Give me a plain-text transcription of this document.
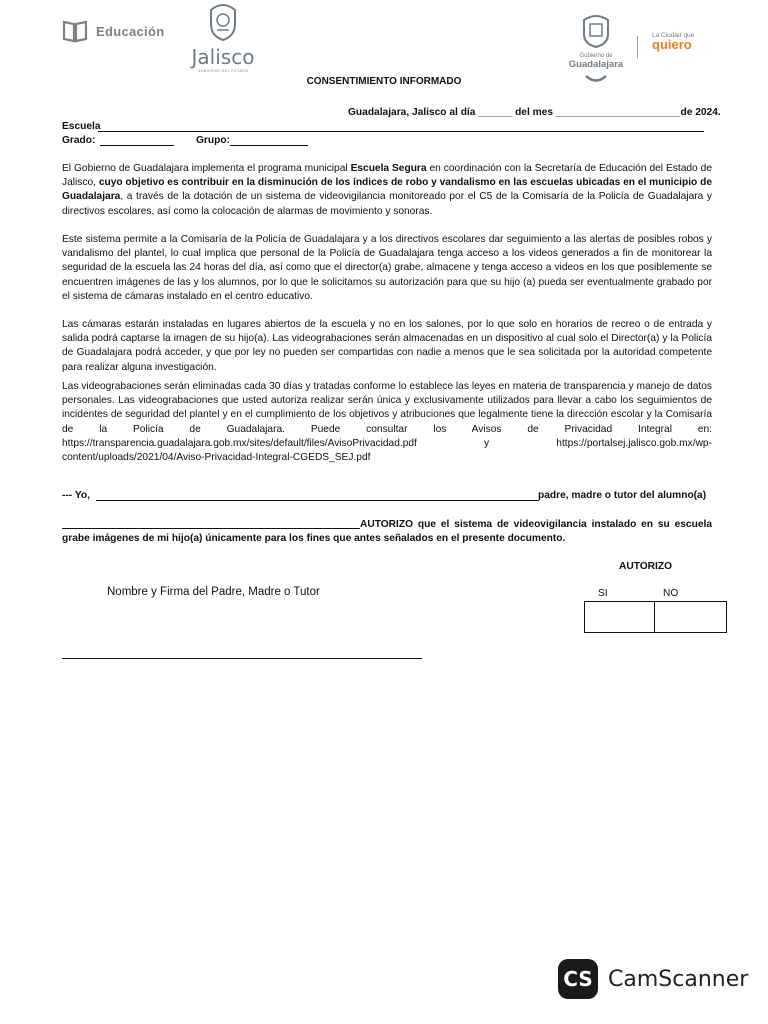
Educación
Jalisco
GOBIERNO DEL ESTADO
Gobierno de
Guadalajara
La Ciudad que
quiero
CONSENTIMIENTO INFORMADO
Guadalajara, Jalisco al día ______ del mes ______________________de 2024.
Escuela
Grado:	Grupo:
El Gobierno de Guadalajara implementa el programa municipal Escuela Segura en coordinación con la Secretaría de Educación del Estado de Jalisco, cuyo objetivo es contribuir en la disminución de los índices de robo y vandalismo en las escuelas ubicadas en el municipio de Guadalajara, a través de la dotación de un sistema de videovigilancia monitoreado por el C5 de la Comisaría de la Policía de Guadalajara y directivos escolares, así como la colocación de alarmas de movimiento y sonoras.
Este sistema permite a la Comisaría de la Policía de Guadalajara y a los directivos escolares dar seguimiento a las alertas de posibles robos y vandalismo del plantel, lo cual implica que personal de la Policía de Guadalajara tenga acceso a los videos generados a fin de monitorear la seguridad de la escuela las 24 horas del día, así como que el director(a) grabe, almacene y tenga acceso a videos en los que posiblemente se encuentren imágenes de las y los alumnos, por lo que le solicitamos su autorización para que su hijo (a) pueda ser eventualmente grabado por el sistema de cámaras instalado en el centro educativo.
Las cámaras estarán instaladas en lugares abiertos de la escuela y no en los salones, por lo que solo en horarios de recreo o de entrada y salida podrá captarse la imagen de su hijo(a). Las videograbaciones serán almacenadas en un dispositivo al cual solo el Director(a) y la Policía de Guadalajara podrá acceder, y que por ley no pueden ser compartidas con nadie a menos que le sea solicitada por la autoridad competente para realizar alguna investigación.
Las videograbaciones serán eliminadas cada 30 días y tratadas conforme lo establece las leyes en materia de transparencia y manejo de datos personales. Las videograbaciones que usted autoriza realizar serán única y exclusivamente utilizados para llevar a cabo los seguimientos de incidentes de seguridad del plantel y en el cumplimiento de los objetivos y atribuciones que legalmente tiene la dirección escolar y la Comisaría de la Policía de Guadalajara. Puede consultar los Avisos de Privacidad Integral en: https://transparencia.guadalajara.gob.mx/sites/default/files/AvisoPrivacidad.pdf y https://portalsej.jalisco.gob.mx/wp-content/uploads/2021/04/Aviso-Privacidad-Integral-CGEDS_SEJ.pdf
--- Yo,	padre, madre o tutor del alumno(a)
AUTORIZO que el sistema de videovigilancia instalado en su escuela grabe imágenes de mi hijo(a) únicamente para los fines que antes señalados en el presente documento.
AUTORIZO
Nombre y Firma del Padre, Madre o Tutor	SI	NO
CS CamScanner
